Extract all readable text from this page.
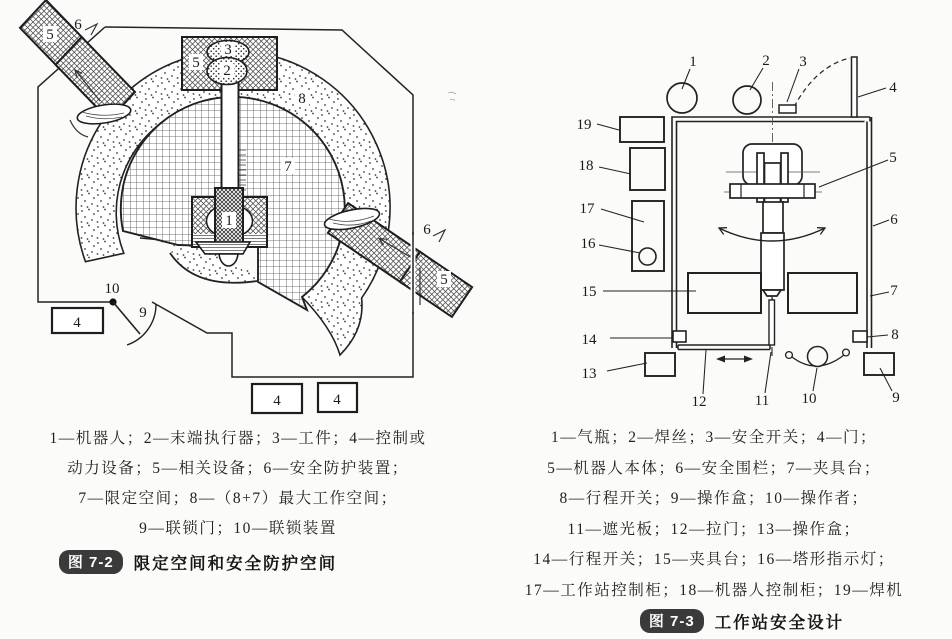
6
5
3
2
5
8
7
1
6
5
10
9
4
4	4
1	2 3
4
5
6
7
8
9
10
11
12
13
14
15
16
17
18
19
1—机器人；2—末端执行器；3—工件；4—控制或
动力设备；5—相关设备；6—安全防护装置；
7—限定空间；8—（8+7）最大工作空间；
9—联锁门；10—联锁装置
图 7-2	限定空间和安全防护空间
1—气瓶；2—焊丝；3—安全开关；4—门；
5—机器人本体；6—安全围栏；7—夹具台；
8—行程开关；9—操作盒；10—操作者；
11—遮光板；12—拉门；13—操作盒；
14—行程开关；15—夹具台；16—塔形指示灯；
17—工作站控制柜；18—机器人控制柜；19—焊机
图 7-3	工作站安全设计
